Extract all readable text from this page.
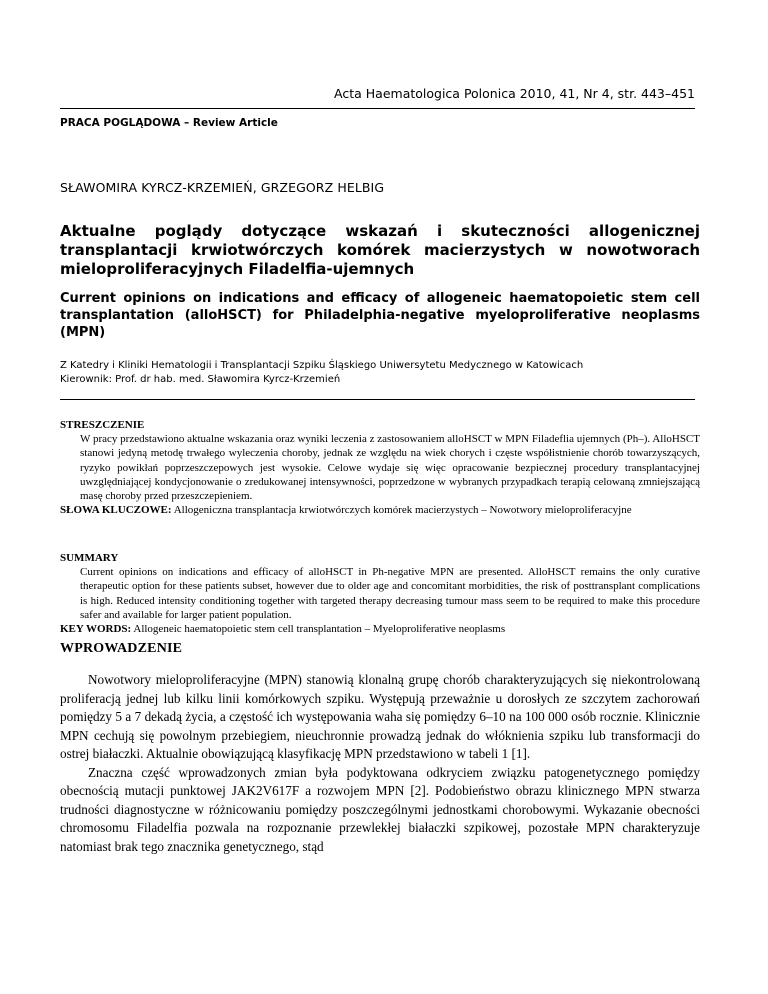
Acta Haematologica Polonica 2010, 41, Nr 4, str. 443–451
PRACA POGLĄDOWA – Review Article
SŁAWOMIRA KYRCZ-KRZEMIEŃ, GRZEGORZ HELBIG
Aktualne poglądy dotyczące wskazań i skuteczności allogenicznej transplantacji krwiotwórczych komórek macierzystych w nowotworach mieloproliferacyjnych Filadelfia-ujemnych
Current opinions on indications and efficacy of allogeneic haematopoietic stem cell transplantation (alloHSCT) for Philadelphia-negative myeloproliferative neoplasms (MPN)
Z Katedry i Kliniki Hematologii i Transplantacji Szpiku Śląskiego Uniwersytetu Medycznego w Katowicach
Kierownik: Prof. dr hab. med. Sławomira Kyrcz-Krzemień
STRESZCZENIE
W pracy przedstawiono aktualne wskazania oraz wyniki leczenia z zastosowaniem alloHSCT w MPN Filadeflia ujemnych (Ph–). AlloHSCT stanowi jedyną metodę trwałego wyleczenia choroby, jednak ze względu na wiek chorych i częste współistnienie chorób towarzyszących, ryzyko powikłań poprzeszczepowych jest wysokie. Celowe wydaje się więc opracowanie bezpiecznej procedury transplantacyjnej uwzględniającej kondycjonowanie o zredukowanej intensywności, poprzedzone w wybranych przypadkach terapią celowaną zmniejszającą masę choroby przed przeszczepieniem.
SŁOWA KLUCZOWE: Allogeniczna transplantacja krwiotwórczych komórek macierzystych – Nowotwory mieloproliferacyjne
SUMMARY
Current opinions on indications and efficacy of alloHSCT in Ph-negative MPN are presented. AlloHSCT remains the only curative therapeutic option for these patients subset, however due to older age and concomitant morbidities, the risk of posttransplant complications is high. Reduced intensity conditioning together with targeted therapy decreasing tumour mass seem to be required to make this procedure safer and available for larger patient population.
KEY WORDS: Allogeneic haematopoietic stem cell transplantation – Myeloproliferative neoplasms
WPROWADZENIE

Nowotwory mieloproliferacyjne (MPN) stanowią klonalną grupę chorób charakteryzujących się niekontrolowaną proliferacją jednej lub kilku linii komórkowych szpiku. Występują przeważnie u dorosłych ze szczytem zachorowań pomiędzy 5 a 7 dekadą życia, a częstość ich występowania waha się pomiędzy 6–10 na 100 000 osób rocznie. Klinicznie MPN cechują się powolnym przebiegiem, nieuchronnie prowadzą jednak do włóknienia szpiku lub transformacji do ostrej białaczki. Aktualnie obowiązującą klasyfikację MPN przedstawiono w tabeli 1 [1].

Znaczna część wprowadzonych zmian była podyktowana odkryciem związku patogenetycznego pomiędzy obecnością mutacji punktowej JAK2V617F a rozwojem MPN [2]. Podobieństwo obrazu klinicznego MPN stwarza trudności diagnostyczne w różnicowaniu pomiędzy poszczególnymi jednostkami chorobowymi. Wykazanie obecności chromosomu Filadelfia pozwala na rozpoznanie przewlekłej białaczki szpikowej, pozostałe MPN charakteryzuje natomiast brak tego znacznika genetycznego, stąd
